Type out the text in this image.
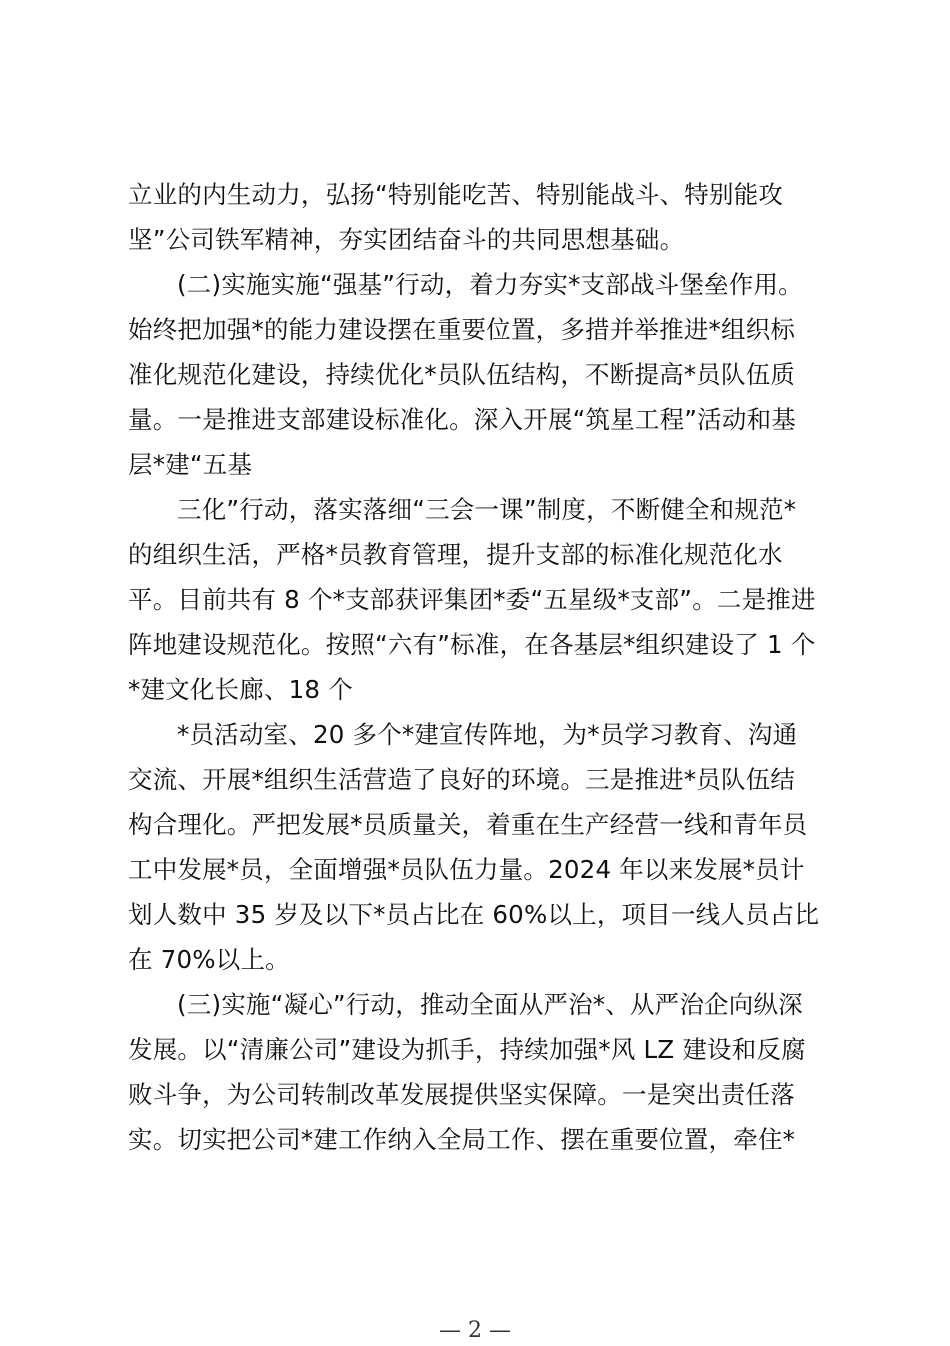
立业的内生动力，弘扬“特别能吃苦、特别能战斗、特别能攻
坚”公司铁军精神，夯实团结奋斗的共同思想基础。

(二)实施实施“强基”行动，着力夯实*支部战斗堡垒作用。
始终把加强*的能力建设摆在重要位置，多措并举推进*组织标
准化规范化建设，持续优化*员队伍结构，不断提高*员队伍质
量。一是推进支部建设标准化。深入开展“筑星工程”活动和基
层*建“五基

三化”行动，落实落细“三会一课”制度，不断健全和规范*
的组织生活，严格*员教育管理，提升支部的标准化规范化水
平。目前共有 8 个*支部获评集团*委“五星级*支部”。二是推进
阵地建设规范化。按照“六有”标准，在各基层*组织建设了 1 个
*建文化长廊、18 个

*员活动室、20 多个*建宣传阵地，为*员学习教育、沟通
交流、开展*组织生活营造了良好的环境。三是推进*员队伍结
构合理化。严把发展*员质量关，着重在生产经营一线和青年员
工中发展*员，全面增强*员队伍力量。2024 年以来发展*员计
划人数中 35 岁及以下*员占比在 60%以上，项目一线人员占比
在 70%以上。

(三)实施“凝心”行动，推动全面从严治*、从严治企向纵深
发展。以“清廉公司”建设为抓手，持续加强*风 LZ 建设和反腐
败斗争，为公司转制改革发展提供坚实保障。一是突出责任落
实。切实把公司*建工作纳入全局工作、摆在重要位置，牵住*

— 2 —
